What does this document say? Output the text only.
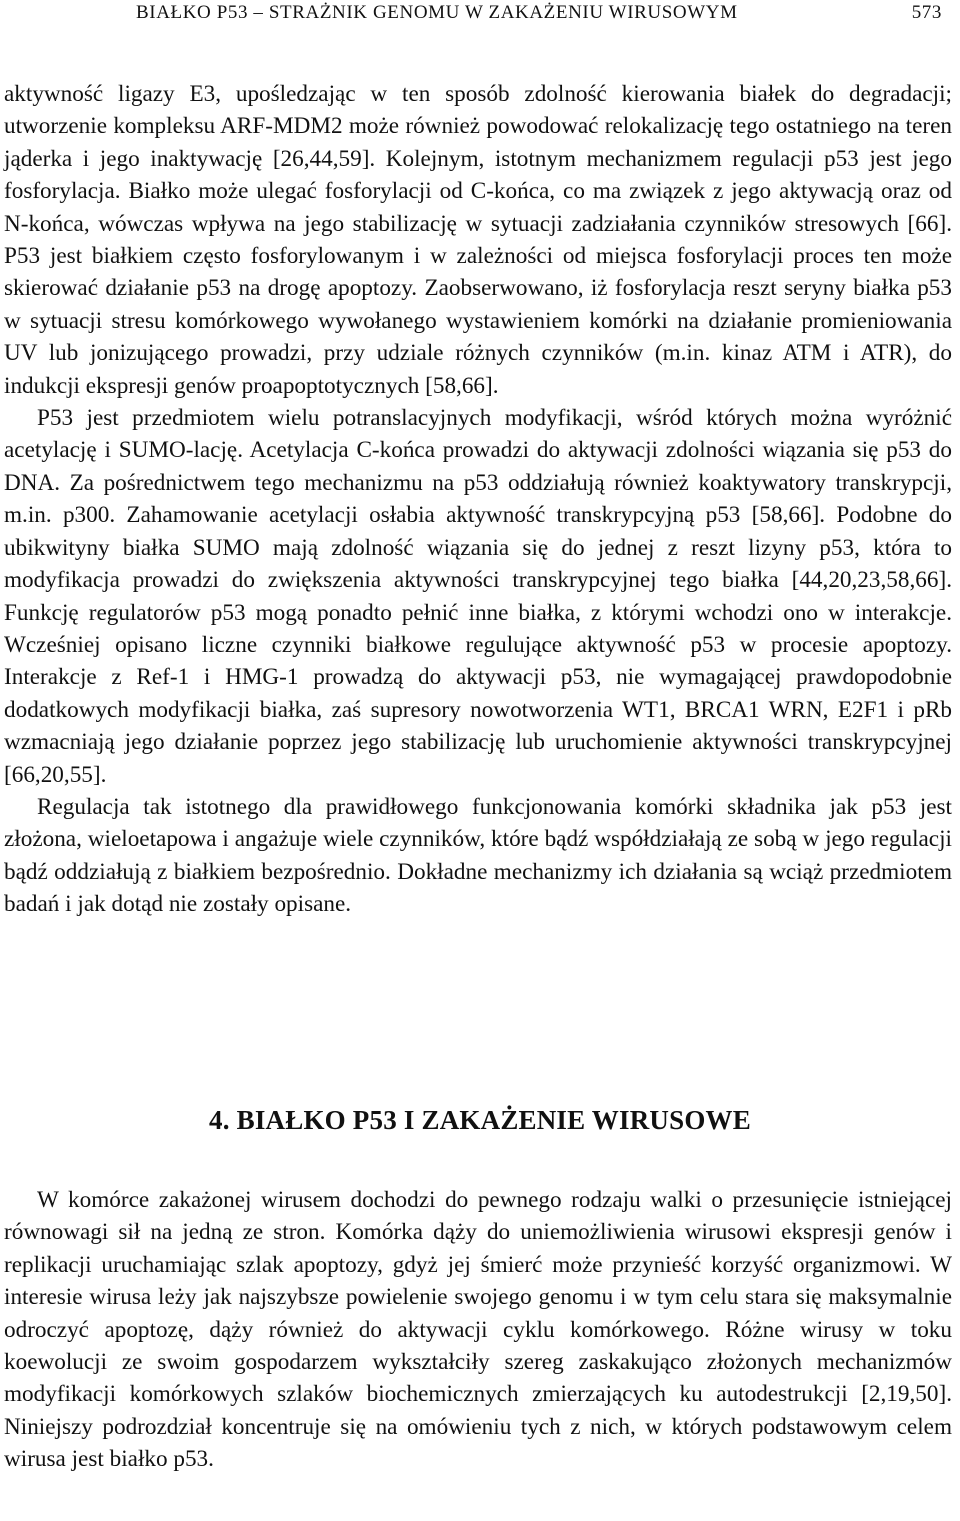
BIAŁKO P53 – STRAŻNIK GENOMU W ZAKAŻENIU WIRUSOWYM	573

aktywność ligazy E3, upośledzając w ten sposób zdolność kierowania białek do degradacji; utworzenie kompleksu ARF-MDM2 może również powodować relokalizację tego ostatniego na teren jąderka i jego inaktywację [26,44,59]. Kolejnym, istotnym mechanizmem regulacji p53 jest jego fosforylacja. Białko może ulegać fosforylacji od C-końca, co ma związek z jego aktywacją oraz od N-końca, wówczas wpływa na jego stabilizację w sytuacji zadziałania czynników stresowych [66]. P53 jest białkiem często fosforylowanym i w zależności od miejsca fosforylacji proces ten może skierować działanie p53 na drogę apoptozy. Zaobserwowano, iż fosforylacja reszt seryny białka p53 w sytuacji stresu komórkowego wywołanego wystawieniem komórki na działanie promieniowania UV lub jonizującego prowadzi, przy udziale różnych czynników (m.in. kinaz ATM i ATR), do indukcji ekspresji genów proapoptotycznych [58,66].

P53 jest przedmiotem wielu potranslacyjnych modyfikacji, wśród których można wyróżnić acetylację i SUMO-lację. Acetylacja C-końca prowadzi do aktywacji zdolności wiązania się p53 do DNA. Za pośrednictwem tego mechanizmu na p53 oddziałują również koaktywatory transkrypcji, m.in. p300. Zahamowanie acetylacji osłabia aktywność transkrypcyjną p53 [58,66]. Podobne do ubikwityny białka SUMO mają zdolność wiązania się do jednej z reszt lizyny p53, która to modyfikacja prowadzi do zwiększenia aktywności transkrypcyjnej tego białka [44,20,23,58,66]. Funkcję regulatorów p53 mogą ponadto pełnić inne białka, z którymi wchodzi ono w interakcje. Wcześniej opisano liczne czynniki białkowe regulujące aktywność p53 w procesie apoptozy. Interakcje z Ref-1 i HMG-1 prowadzą do aktywacji p53, nie wymagającej prawdopodobnie dodatkowych modyfikacji białka, zaś supresory nowotworzenia WT1, BRCA1 WRN, E2F1 i pRb wzmacniają jego działanie poprzez jego stabilizację lub uruchomienie aktywności transkrypcyjnej [66,20,55].

Regulacja tak istotnego dla prawidłowego funkcjonowania komórki składnika jak p53 jest złożona, wieloetapowa i angażuje wiele czynników, które bądź współdziałają ze sobą w jego regulacji bądź oddziałują z białkiem bezpośrednio. Dokładne mechanizmy ich działania są wciąż przedmiotem badań i jak dotąd nie zostały opisane.

4. BIAŁKO P53 I ZAKAŻENIE WIRUSOWE

W komórce zakażonej wirusem dochodzi do pewnego rodzaju walki o przesunięcie istniejącej równowagi sił na jedną ze stron. Komórka dąży do uniemożliwienia wirusowi ekspresji genów i replikacji uruchamiając szlak apoptozy, gdyż jej śmierć może przynieść korzyść organizmowi. W interesie wirusa leży jak najszybsze powielenie swojego genomu i w tym celu stara się maksymalnie odroczyć apoptozę, dąży również do aktywacji cyklu komórkowego. Różne wirusy w toku koewolucji ze swoim gospodarzem wykształciły szereg zaskakująco złożonych mechanizmów modyfikacji komórkowych szlaków biochemicznych zmierzających ku autodestrukcji [2,19,50]. Niniejszy podrozdział koncentruje się na omówieniu tych z nich, w których podstawowym celem wirusa jest białko p53.
